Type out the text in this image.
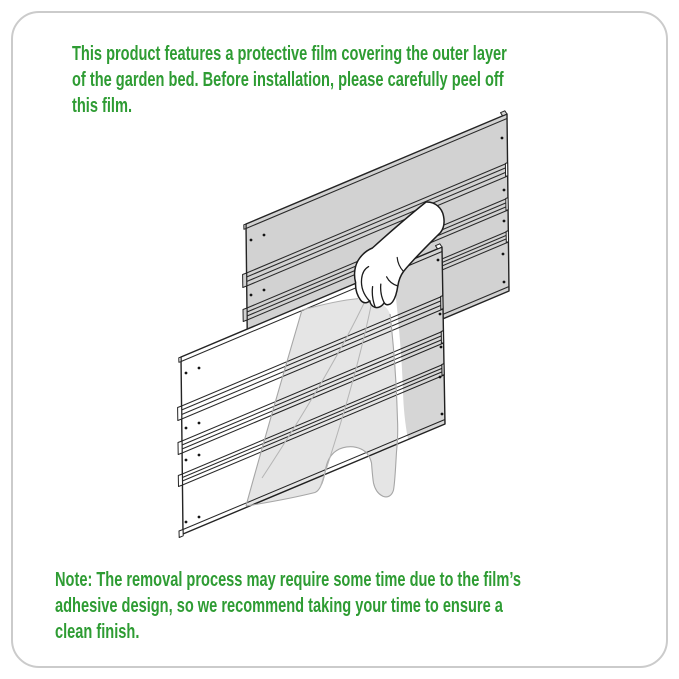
This product features a protective film covering the outer layer
of the garden bed. Before installation, please carefully peel off
this film.
Note: The removal process may require some time due to the film’s
adhesive design, so we recommend taking your time to ensure a
clean finish.
